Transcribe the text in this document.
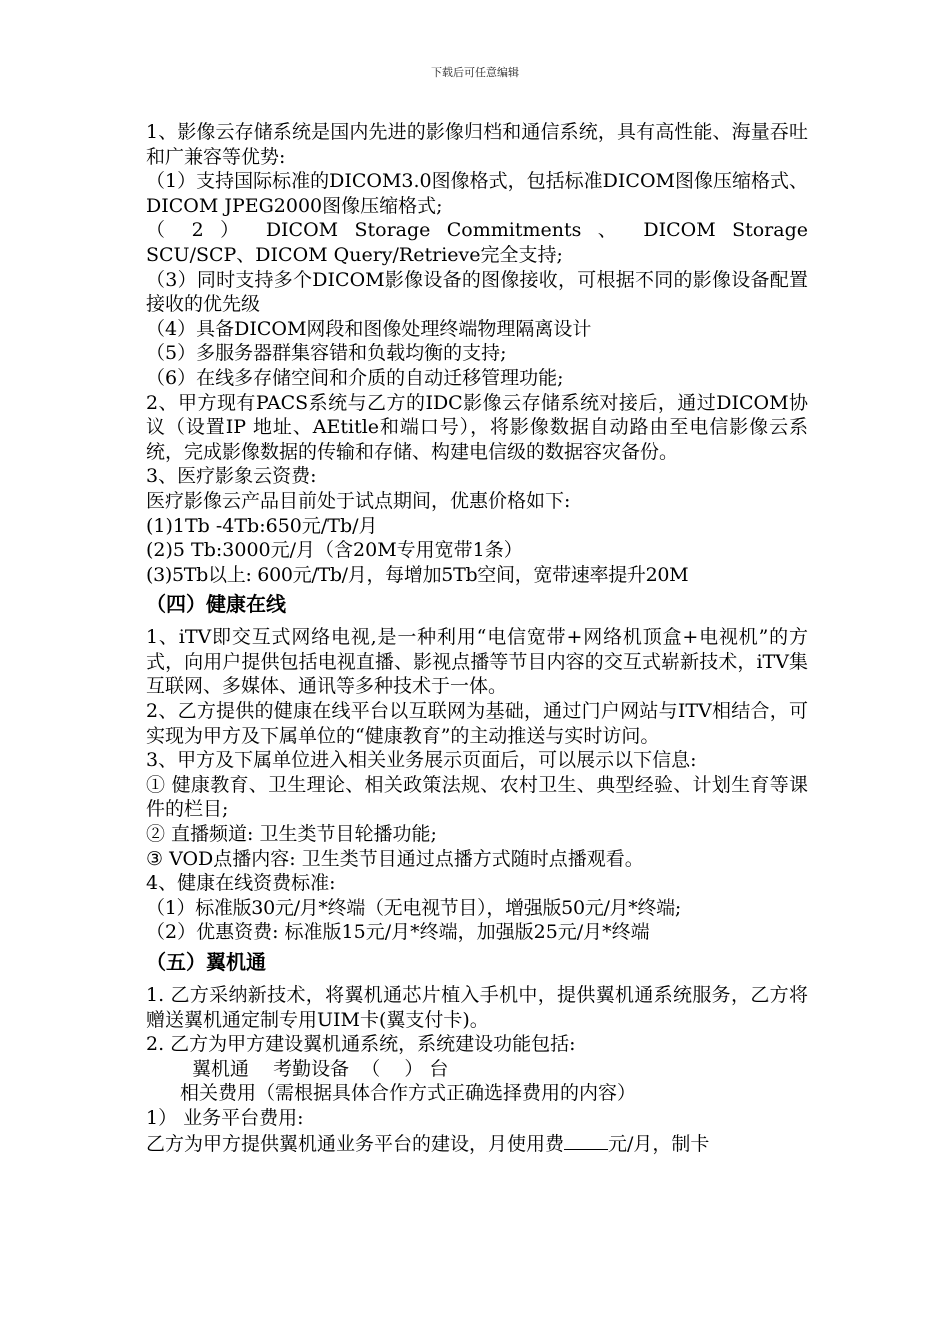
下载后可任意编辑

1、影像云存储系统是国内先进的影像归档和通信系统，具有高性能、海量吞吐和广兼容等优势:

（1）支持国际标准的DICOM3.0图像格式，包括标准DICOM图像压缩格式、DICOM JPEG2000图像压缩格式;

（ 2 ） DICOM Storage Commitments 、 DICOM Storage SCU/SCP、DICOM Query/Retrieve完全支持;

（3）同时支持多个DICOM影像设备的图像接收，可根据不同的影像设备配置接收的优先级

（4）具备DICOM网段和图像处理终端物理隔离设计

（5）多服务器群集容错和负载均衡的支持;

（6）在线多存储空间和介质的自动迁移管理功能;

2、甲方现有PACS系统与乙方的IDC影像云存储系统对接后，通过DICOM协议（设置IP 地址、AEtitle和端口号），将影像数据自动路由至电信影像云系统，完成影像数据的传输和存储、构建电信级的数据容灾备份。

3、医疗影象云资费:

医疗影像云产品目前处于试点期间，优惠价格如下:

(1)1Tb -4Tb:650元/Tb/月

(2)5 Tb:3000元/月（含20M专用宽带1条）

(3)5Tb以上: 600元/Tb/月，每增加5Tb空间，宽带速率提升20M

（四）健康在线

1、iTV即交互式网络电视,是一种利用“电信宽带+网络机顶盒+电视机”的方式，向用户提供包括电视直播、影视点播等节目内容的交互式崭新技术，iTV集互联网、多媒体、通讯等多种技术于一体。

2、乙方提供的健康在线平台以互联网为基础，通过门户网站与ITV相结合，可实现为甲方及下属单位的“健康教育”的主动推送与实时访问。

3、甲方及下属单位进入相关业务展示页面后，可以展示以下信息:

① 健康教育、卫生理论、相关政策法规、农村卫生、典型经验、计划生育等课件的栏目;

② 直播频道: 卫生类节目轮播功能;

③ VOD点播内容: 卫生类节目通过点播方式随时点播观看。

4、健康在线资费标准:

（1）标准版30元/月*终端（无电视节目），增强版50元/月*终端;

（2）优惠资费: 标准版15元/月*终端，加强版25元/月*终端

（五）翼机通

1. 乙方采纳新技术，将翼机通芯片植入手机中，提供翼机通系统服务，乙方将赠送翼机通定制专用UIM卡(翼支付卡)。

2. 乙方为甲方建设翼机通系统，系统建设功能包括:

翼机通    考勤设备  （    ） 台

相关费用（需根据具体合作方式正确选择费用的内容）

1） 业务平台费用:

乙方为甲方提供翼机通业务平台的建设，月使用费 元/月，制卡
